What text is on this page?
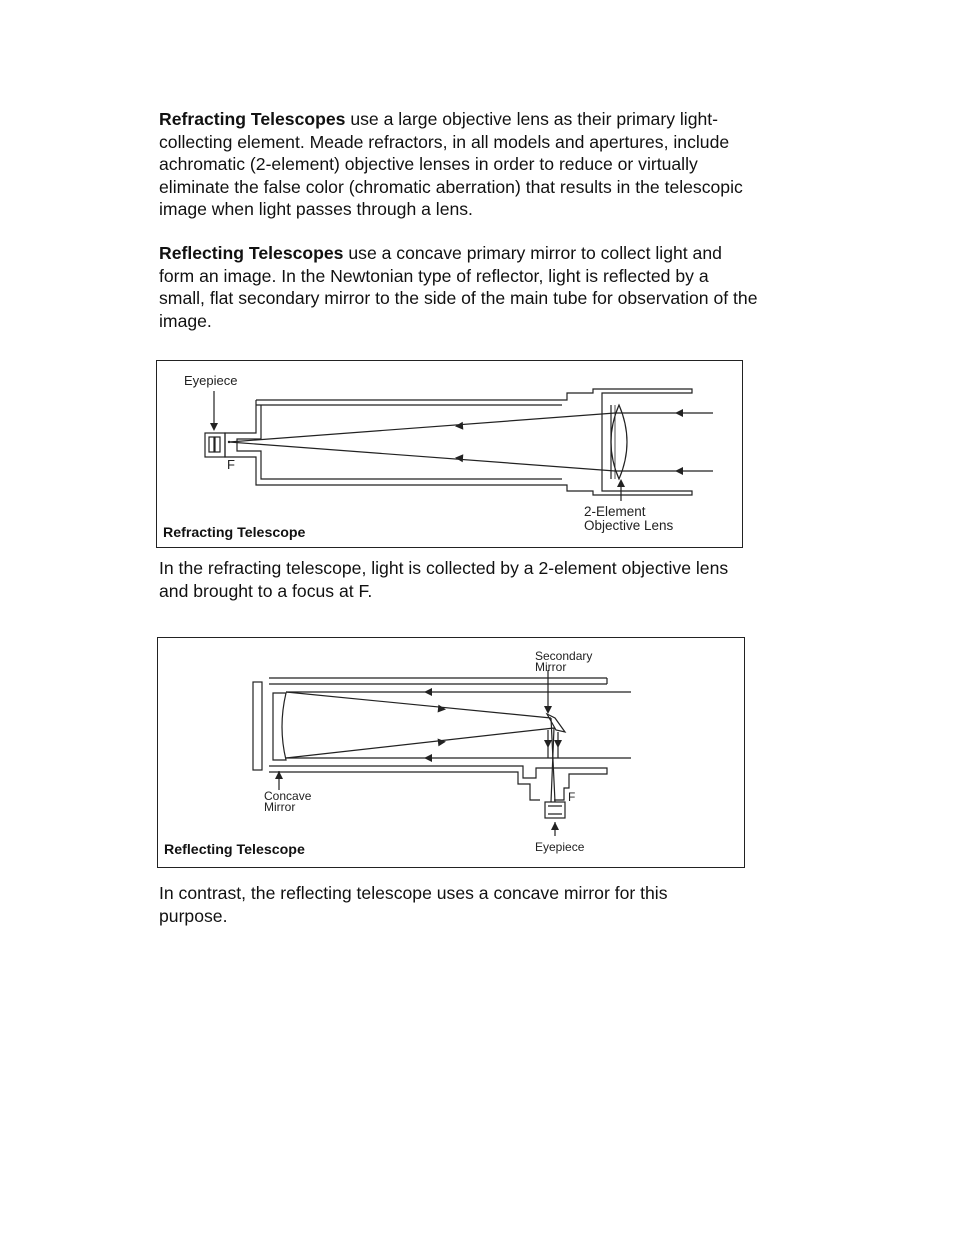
Refracting Telescopes use a large objective lens as their primary light-collecting element. Meade refractors, in all models and apertures, include achromatic (2-element) objective lenses in order to reduce or virtually eliminate the false color (chromatic aberration) that results in the telescopic image when light passes through a lens.

Reflecting Telescopes use a concave primary mirror to collect light and form an image. In the Newtonian type of reflector, light is reflected by a small, flat secondary mirror to the side of the main tube for observation of the image.

Eyepiece
F
2-Element
Objective Lens
Refracting Telescope

In the refracting telescope, light is collected by a 2-element objective lens and brought to a focus at F.

Secondary
Mirror
Concave
Mirror
F
Eyepiece
Reflecting Telescope

In contrast, the reflecting telescope uses a concave mirror for this purpose.
